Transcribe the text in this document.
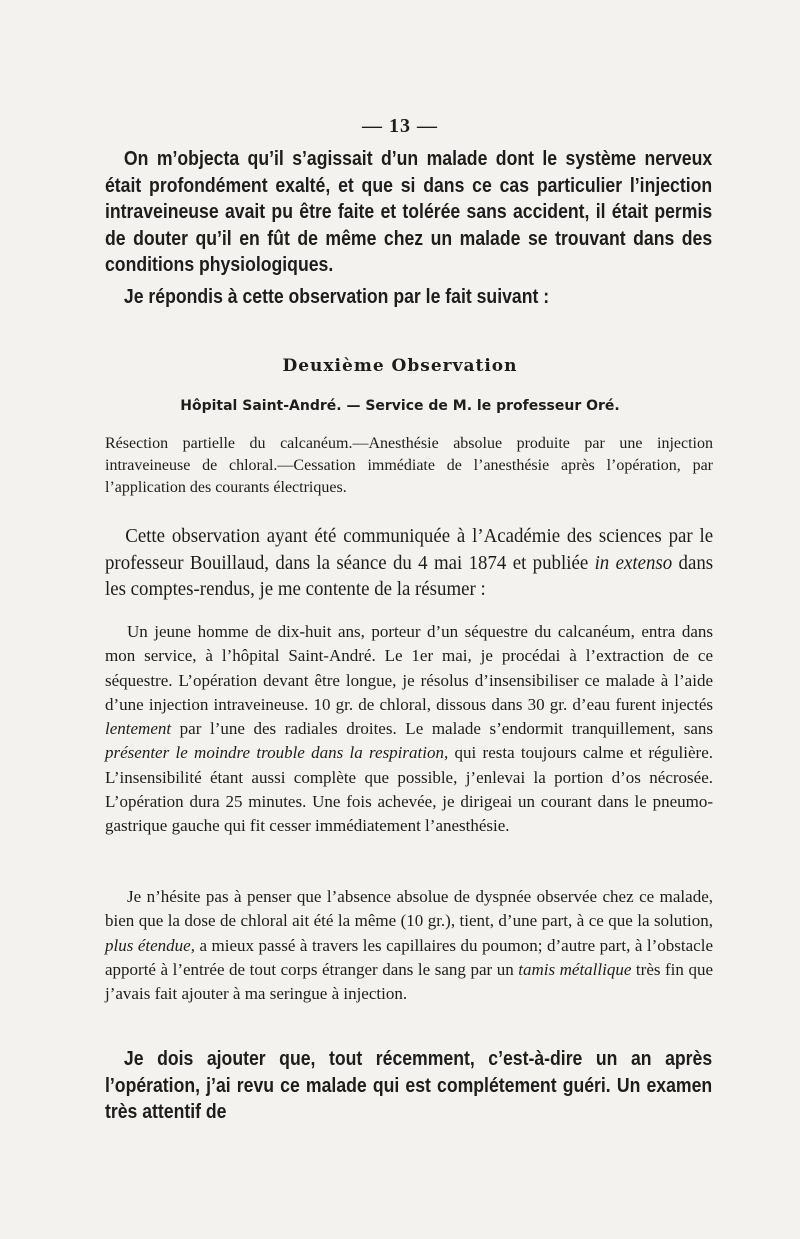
— 13 —

On m’objecta qu’il s’agissait d’un malade dont le système nerveux était profondément exalté, et que si dans ce cas particulier l’injection intraveineuse avait pu être faite et tolérée sans accident, il était permis de douter qu’il en fût de même chez un malade se trouvant dans des conditions physiologiques.

Je répondis à cette observation par le fait suivant :

Deuxième Observation
Hôpital Saint-André. — Service de M. le professeur Oré.

Résection partielle du calcanéum.—Anesthésie absolue produite par une injection intraveineuse de chloral.—Cessation immédiate de l’anesthésie après l’opération, par l’application des courants électriques.

Cette observation ayant été communiquée à l’Académie des sciences par le professeur Bouillaud, dans la séance du 4 mai 1874 et publiée in extenso dans les comptes-rendus, je me contente de la résumer :

Un jeune homme de dix-huit ans, porteur d’un séquestre du calcanéum, entra dans mon service, à l’hôpital Saint-André. Le 1er mai, je procédai à l’extraction de ce séquestre. L’opération devant être longue, je résolus d’insensibiliser ce malade à l’aide d’une injection intraveineuse. 10 gr. de chloral, dissous dans 30 gr. d’eau furent injectés lentement par l’une des radiales droites. Le malade s’endormit tranquillement, sans présenter le moindre trouble dans la respiration, qui resta toujours calme et régulière. L’insensibilité étant aussi complète que possible, j’enlevai la portion d’os nécrosée. L’opération dura 25 minutes. Une fois achevée, je dirigeai un courant dans le pneumo-gastrique gauche qui fit cesser immédiatement l’anesthésie.

Je n’hésite pas à penser que l’absence absolue de dyspnée observée chez ce malade, bien que la dose de chloral ait été la même (10 gr.), tient, d’une part, à ce que la solution, plus étendue, a mieux passé à travers les capillaires du poumon; d’autre part, à l’obstacle apporté à l’entrée de tout corps étranger dans le sang par un tamis métallique très fin que j’avais fait ajouter à ma seringue à injection.

Je dois ajouter que, tout récemment, c’est-à-dire un an après l’opération, j’ai revu ce malade qui est complétement guéri. Un examen très attentif de
